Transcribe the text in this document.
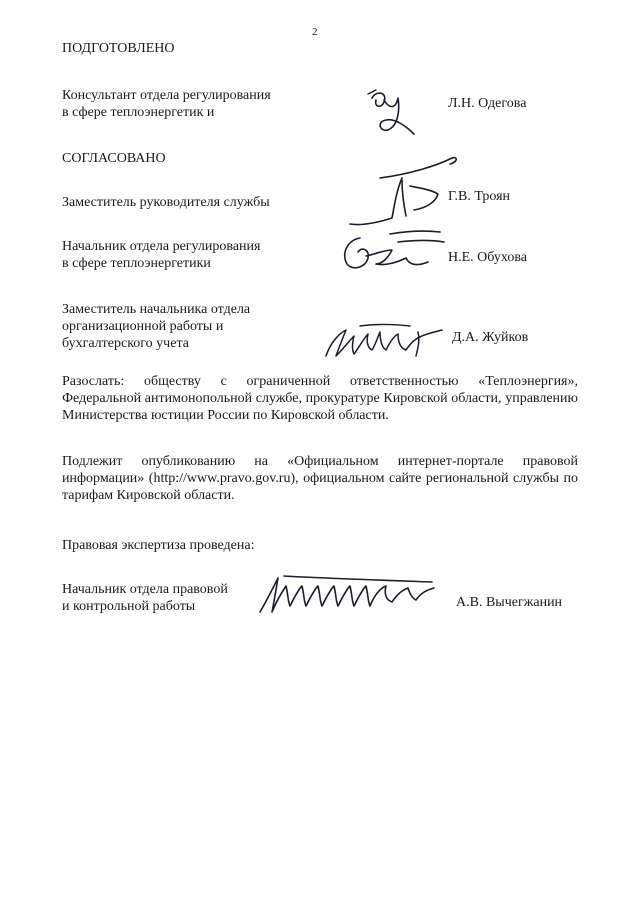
2
ПОДГОТОВЛЕНО
Консультант отдела регулирования
в сфере теплоэнергетик и
Л.Н. Одегова
СОГЛАСОВАНО
Заместитель руководителя службы	Г.В. Троян
Начальник отдела регулирования
в сфере теплоэнергетики	Н.Е. Обухова
Заместитель начальника отдела
организационной работы и
бухгалтерского учета	Д.А. Жуйков
Разослать: обществу с ограниченной ответственностью «Теплоэнергия», Федеральной антимонопольной службе, прокуратуре Кировской области, управлению Министерства юстиции России по Кировской области.
Подлежит опубликованию на «Официальном интернет-портале правовой информации» (http://www.pravo.gov.ru), официальном сайте региональной службы по тарифам Кировской области.
Правовая экспертиза проведена:
Начальник отдела правовой
и контрольной работы	А.В. Вычегжанин
